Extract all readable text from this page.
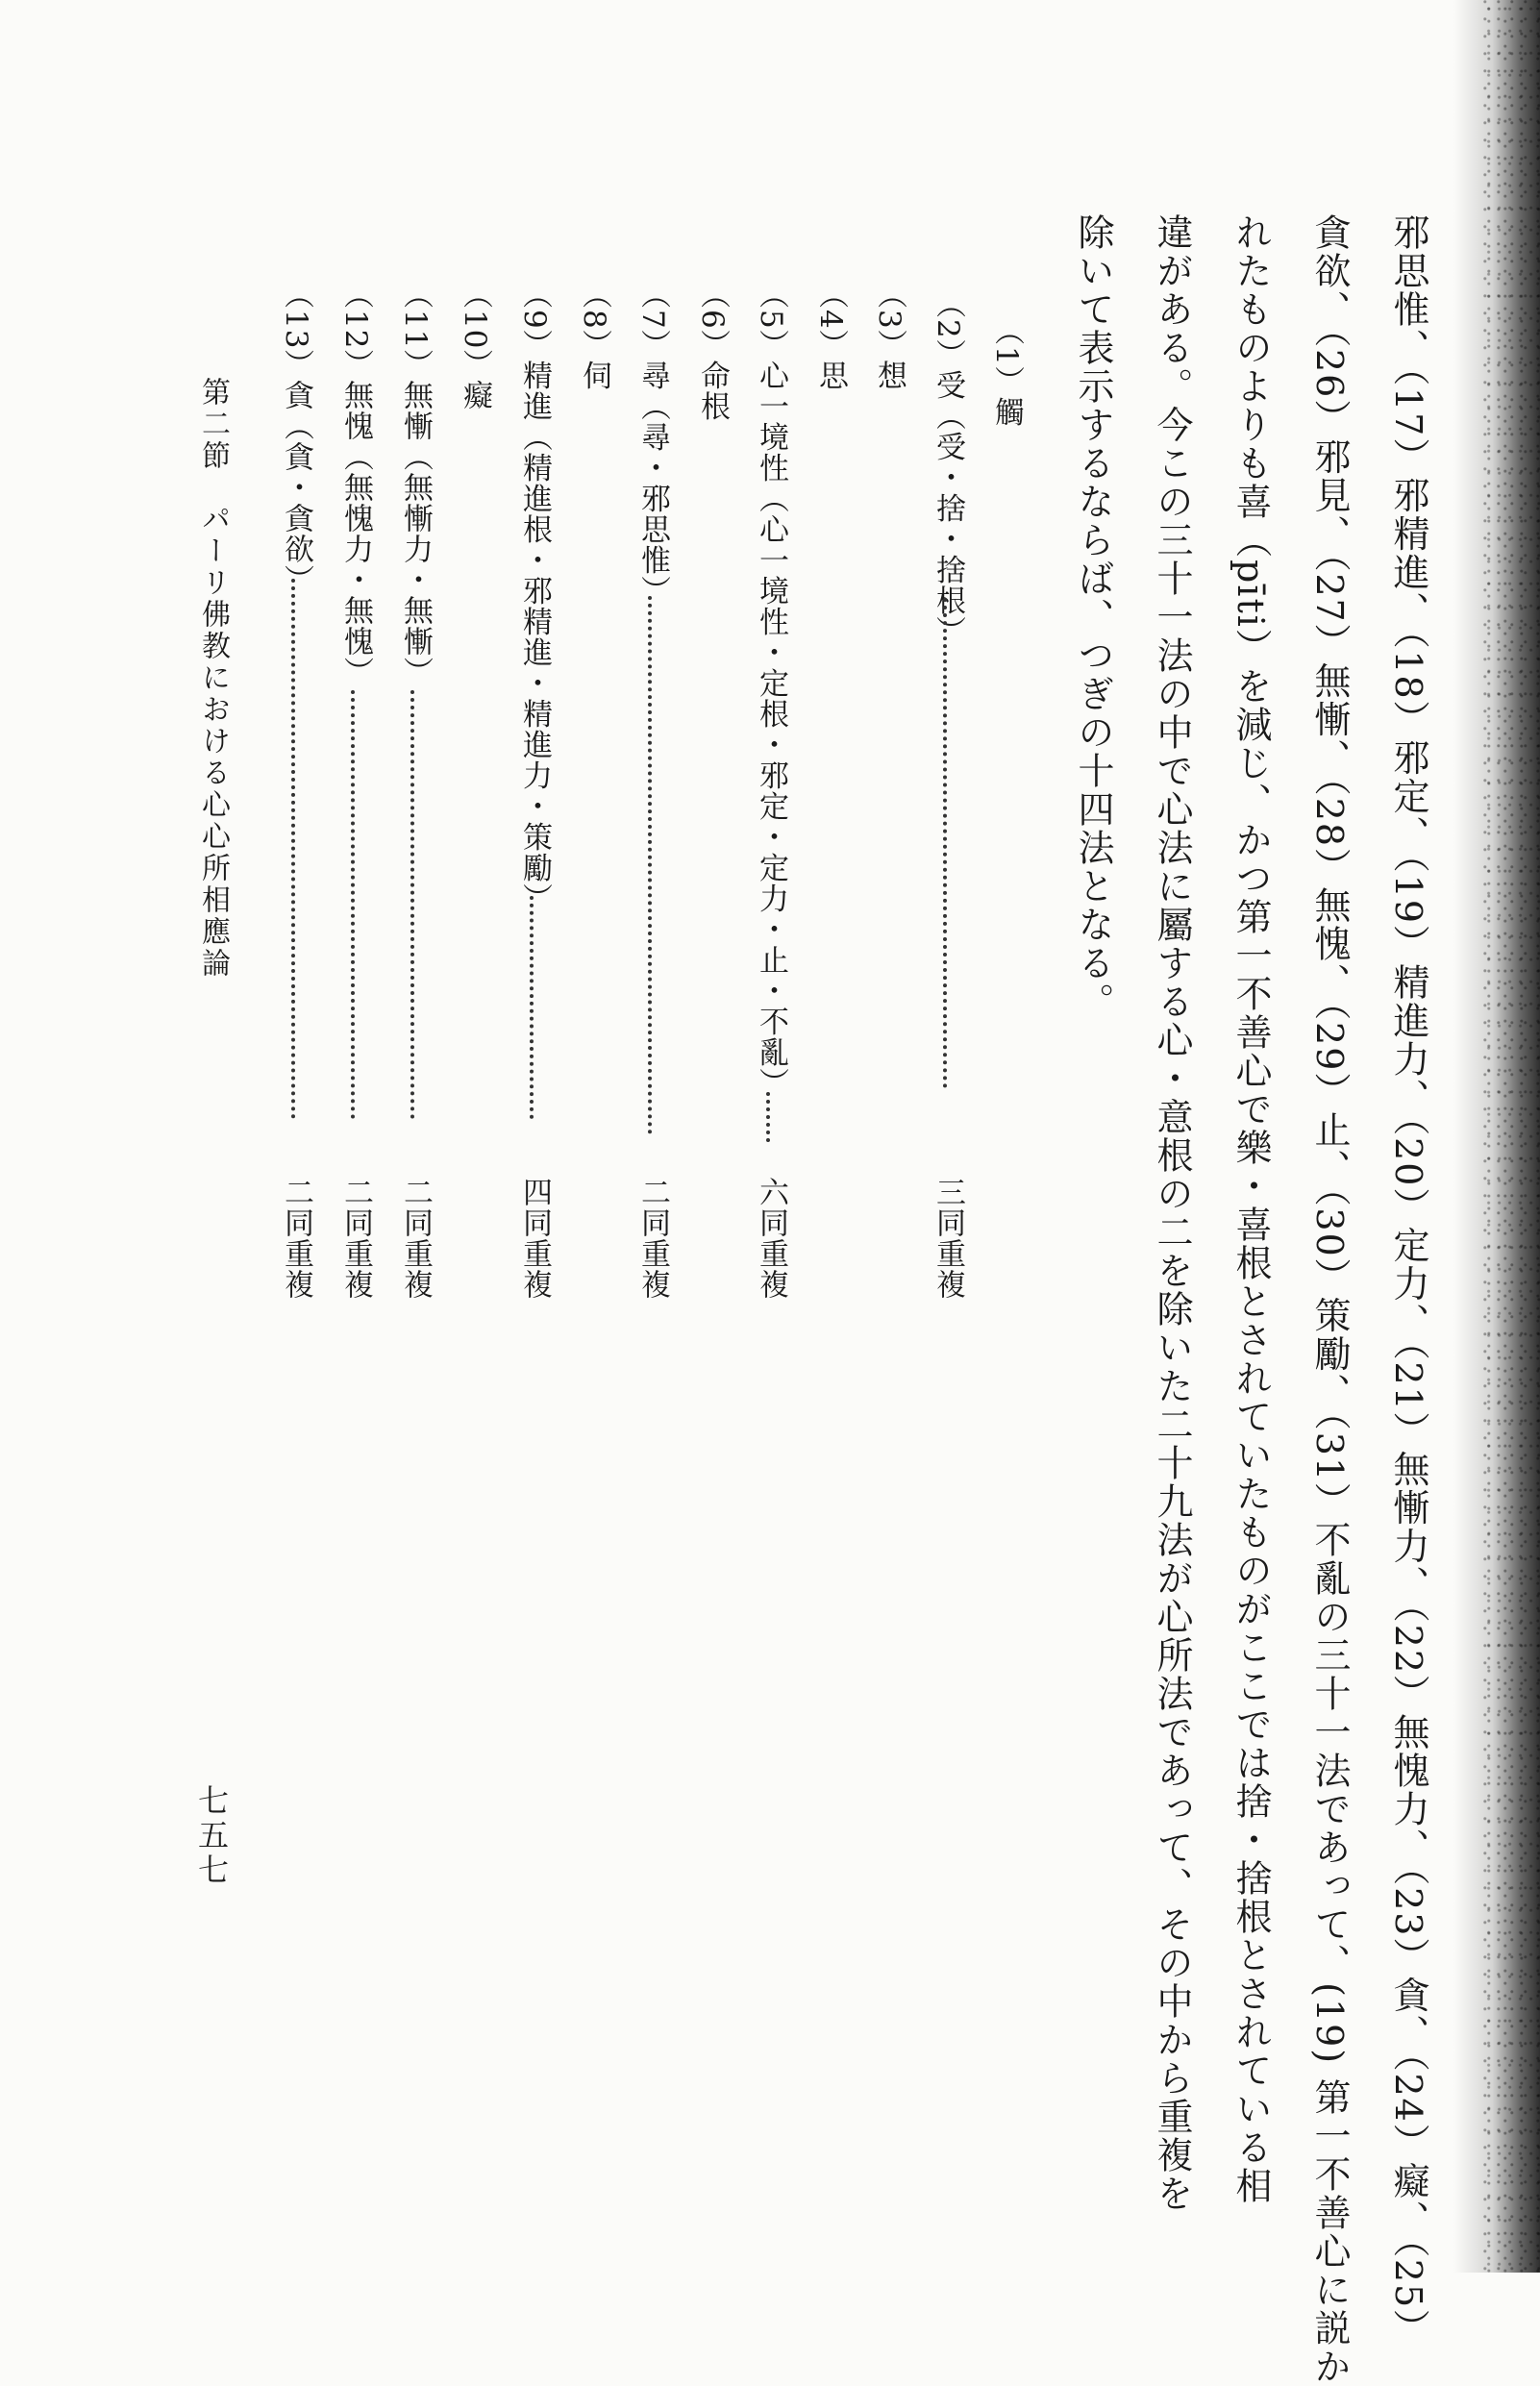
邪思惟、（17）邪精進、（18）邪定、（19）精進力、（20）定力、（21）無慚力、（22）無愧力、（23）貪、（24）癡、（25）
貪欲、（26）邪見、（27）無慚、（28）無愧、（29）止、（30）策勵、（31）不亂の三十一法であって、(19) 第一不善心に説か
れたものよりも喜（pīti）を減じ、かつ第一不善心で樂・喜根とされていたものがここでは捨・捨根とされている相
違がある。今この三十一法の中で心法に屬する心・意根の二を除いた二十九法が心所法であって、その中から重複を
除いて表示するならば、つぎの十四法となる。
（1）觸
（2）受（受・捨・捨根）
三同重複
（3）想
（4）思
（5）心一境性（心一境性・定根・邪定・定力・止・不亂）
六同重複
（6）命根
（7）尋（尋・邪思惟）
二同重複
（8）伺
（9）精進（精進根・邪精進・精進力・策勵）
四同重複
（10）癡
（11）無慚（無慚力・無慚）
二同重複
（12）無愧（無愧力・無愧）
二同重複
（13）貪（貪・貪欲）
二同重複
第二節　パーリ佛教における心心所相應論
七五七
